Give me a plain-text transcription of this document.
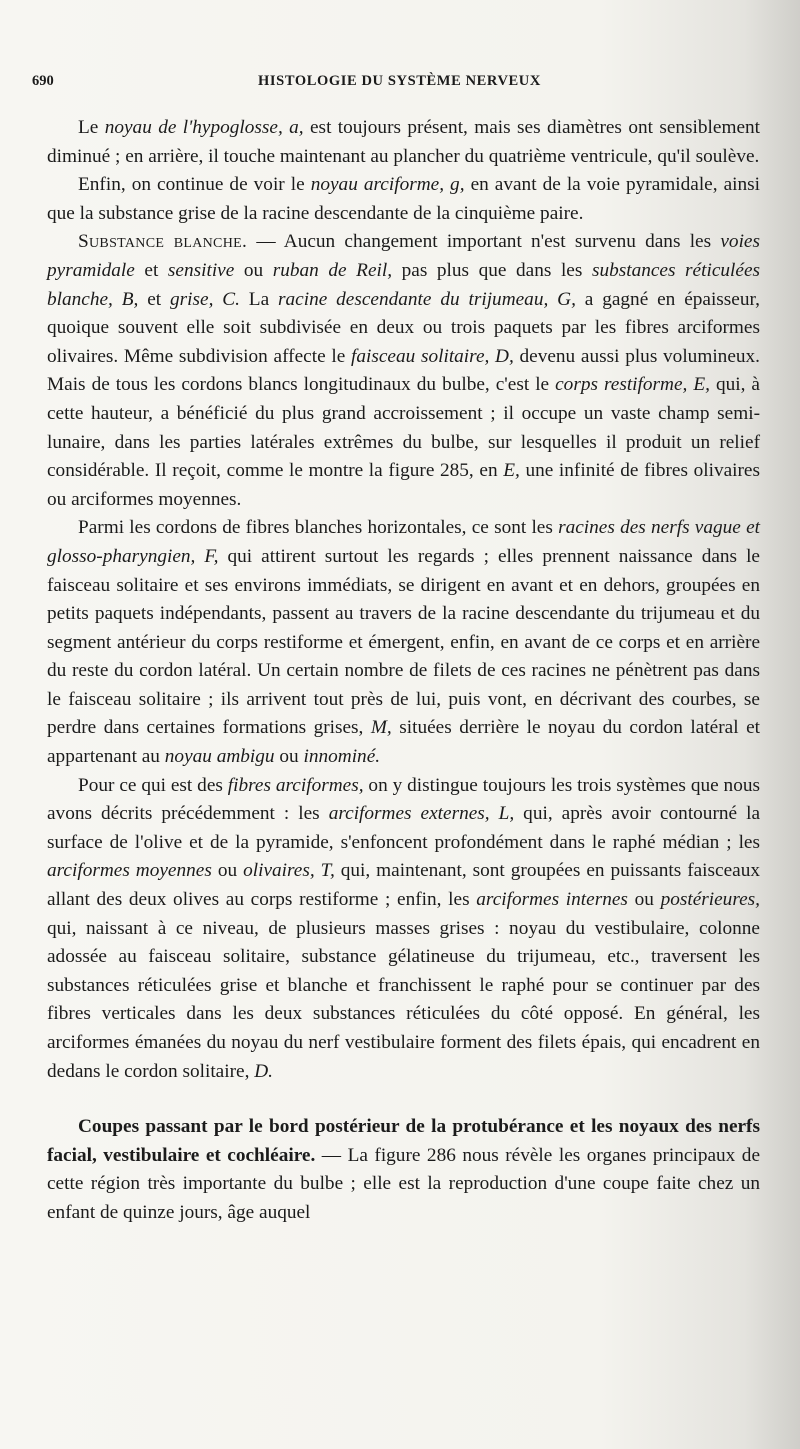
690	HISTOLOGIE DU SYSTÈME NERVEUX

Le noyau de l'hypoglosse, a, est toujours présent, mais ses diamètres ont sensiblement diminué ; en arrière, il touche maintenant au plancher du quatrième ventricule, qu'il soulève.

Enfin, on continue de voir le noyau arciforme, g, en avant de la voie pyramidale, ainsi que la substance grise de la racine descendante de la cinquième paire.

Substance blanche. — Aucun changement important n'est survenu dans les voies pyramidale et sensitive ou ruban de Reil, pas plus que dans les substances réticulées blanche, B, et grise, C. La racine descendante du trijumeau, G, a gagné en épaisseur, quoique souvent elle soit subdivisée en deux ou trois paquets par les fibres arciformes olivaires. Même subdivision affecte le faisceau solitaire, D, devenu aussi plus volumineux. Mais de tous les cordons blancs longitudinaux du bulbe, c'est le corps restiforme, E, qui, à cette hauteur, a bénéficié du plus grand accroissement ; il occupe un vaste champ semi-lunaire, dans les parties latérales extrêmes du bulbe, sur lesquelles il produit un relief considérable. Il reçoit, comme le montre la figure 285, en E, une infinité de fibres olivaires ou arciformes moyennes.

Parmi les cordons de fibres blanches horizontales, ce sont les racines des nerfs vague et glosso-pharyngien, F, qui attirent surtout les regards ; elles prennent naissance dans le faisceau solitaire et ses environs immédiats, se dirigent en avant et en dehors, groupées en petits paquets indépendants, passent au travers de la racine descendante du trijumeau et du segment antérieur du corps restiforme et émergent, enfin, en avant de ce corps et en arrière du reste du cordon latéral. Un certain nombre de filets de ces racines ne pénètrent pas dans le faisceau solitaire ; ils arrivent tout près de lui, puis vont, en décrivant des courbes, se perdre dans certaines formations grises, M, situées derrière le noyau du cordon latéral et appartenant au noyau ambigu ou innominé.

Pour ce qui est des fibres arciformes, on y distingue toujours les trois systèmes que nous avons décrits précédemment : les arciformes externes, L, qui, après avoir contourné la surface de l'olive et de la pyramide, s'enfoncent profondément dans le raphé médian ; les arciformes moyennes ou olivaires, T, qui, maintenant, sont groupées en puissants faisceaux allant des deux olives au corps restiforme ; enfin, les arciformes internes ou postérieures, qui, naissant à ce niveau, de plusieurs masses grises : noyau du vestibulaire, colonne adossée au faisceau solitaire, substance gélatineuse du trijumeau, etc., traversent les substances réticulées grise et blanche et franchissent le raphé pour se continuer par des fibres verticales dans les deux substances réticulées du côté opposé. En général, les arciformes émanées du noyau du nerf vestibulaire forment des filets épais, qui encadrent en dedans le cordon solitaire, D.

Coupes passant par le bord postérieur de la protubérance et les noyaux des nerfs facial, vestibulaire et cochléaire. — La figure 286 nous révèle les organes principaux de cette région très importante du bulbe ; elle est la reproduction d'une coupe faite chez un enfant de quinze jours, âge auquel
